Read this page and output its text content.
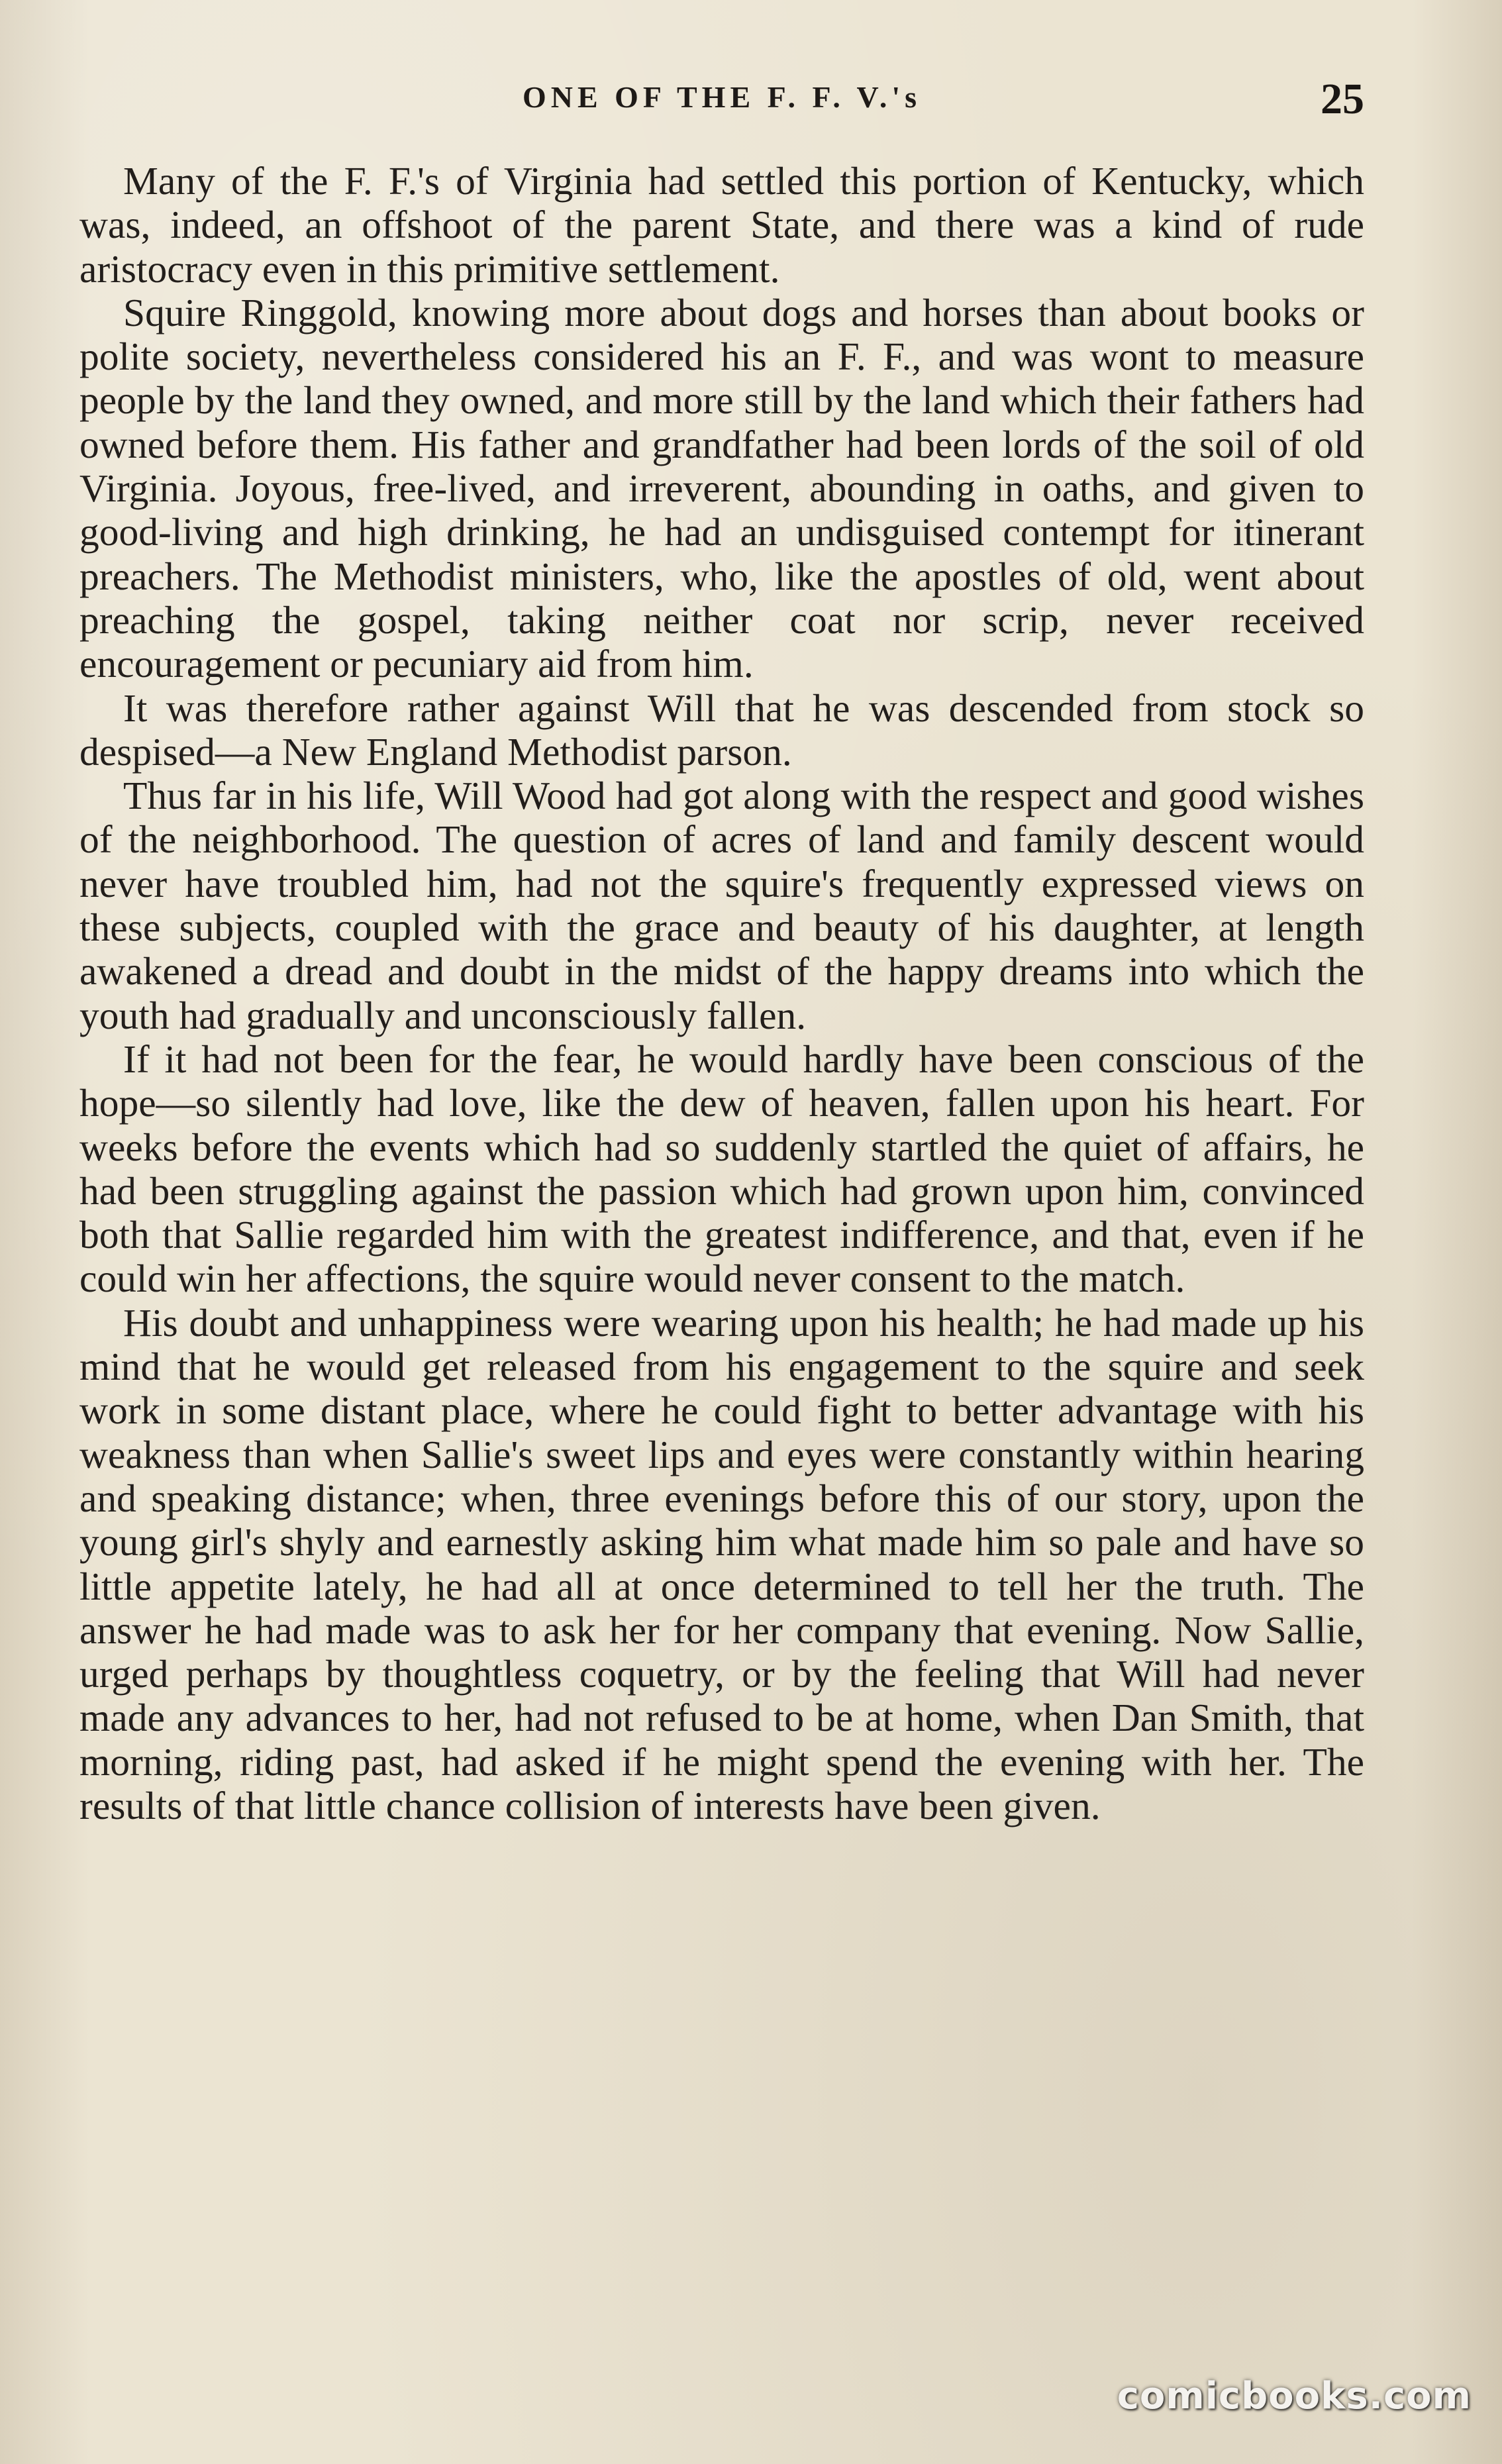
ONE OF THE F. F. V.'s	25

Many of the F. F.'s of Virginia had settled this portion of Kentucky, which was, indeed, an offshoot of the parent State, and there was a kind of rude aristocracy even in this primitive settlement.

Squire Ringgold, knowing more about dogs and horses than about books or polite society, nevertheless considered his an F. F., and was wont to measure people by the land they owned, and more still by the land which their fathers had owned before them. His father and grandfather had been lords of the soil of old Virginia. Joyous, free-lived, and irreverent, abounding in oaths, and given to good-living and high drinking, he had an undisguised contempt for itinerant preachers. The Methodist ministers, who, like the apostles of old, went about preaching the gospel, taking neither coat nor scrip, never received encouragement or pecuniary aid from him.

It was therefore rather against Will that he was descended from stock so despised—a New England Methodist parson.

Thus far in his life, Will Wood had got along with the respect and good wishes of the neighborhood. The question of acres of land and family descent would never have troubled him, had not the squire's frequently expressed views on these subjects, coupled with the grace and beauty of his daughter, at length awakened a dread and doubt in the midst of the happy dreams into which the youth had gradually and unconsciously fallen.

If it had not been for the fear, he would hardly have been conscious of the hope—so silently had love, like the dew of heaven, fallen upon his heart. For weeks before the events which had so suddenly startled the quiet of affairs, he had been struggling against the passion which had grown upon him, convinced both that Sallie regarded him with the greatest indifference, and that, even if he could win her affections, the squire would never consent to the match.

His doubt and unhappiness were wearing upon his health; he had made up his mind that he would get released from his engagement to the squire and seek work in some distant place, where he could fight to better advantage with his weakness than when Sallie's sweet lips and eyes were constantly within hearing and speaking distance; when, three evenings before this of our story, upon the young girl's shyly and earnestly asking him what made him so pale and have so little appetite lately, he had all at once determined to tell her the truth. The answer he had made was to ask her for her company that evening. Now Sallie, urged perhaps by thoughtless coquetry, or by the feeling that Will had never made any advances to her, had not refused to be at home, when Dan Smith, that morning, riding past, had asked if he might spend the evening with her. The results of that little chance collision of interests have been given.

comicbooks.com
